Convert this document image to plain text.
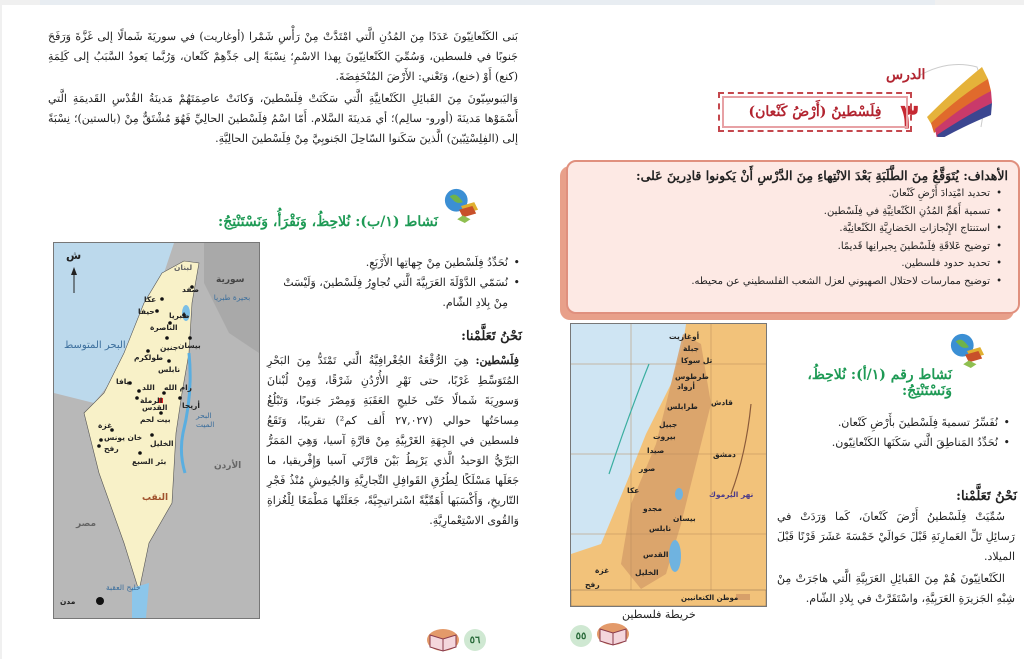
بَنى الكَنْعانِيّونَ عَدَدًا مِنَ المُدُنِ الَّتي امْتَدَّتْ مِنْ رَأْسِ شَمْرا (أوغاريت) في سوريَةَ شَمالًا إلى غَزَّةَ وَرَفَحَ جَنوبًا في فلسطين، وَسُمِّيَ الكَنْعانِيّونَ بِهذا الاسْمِ؛ نِسْبَةً إلى جَدِّهِمْ كَنْعان، وَرُبَّما يَعودُ السَّبَبُ إلى كَلِمَةِ (كنع) أَوْ (خنع)، وَتَعْني: الأَرْضَ المُنْخَفِضَةَ.
وَاليَبوسِيّونَ مِنَ القَبائِلِ الكَنْعانِيَّةِ الَّتي سَكَنَتْ فِلَسْطينَ، وَكانَتْ عاصِمَتَهُمْ مَدينَةُ القُدْسِ القَديمَةِ الَّتي أَسْمَوْها مَدينَةَ (أورو- سالِم)؛ أي مَدينَةَ السَّلام. أَمّا اسْمُ فِلَسْطينَ الحالِيِّ فَهُوَ مُشْتَقٌّ مِنْ (بالستين)؛ نِسْبَةً إلى (الفِلِسْتِيّينَ) الَّذينَ سَكَنوا السّاحِلَ الجَنوبِيَّ مِنْ فِلَسْطينَ الحالِيَّةِ.
نَشاط (١/ب): نُلاحِظُ، وَنَقْرَأُ، وَنَسْتَنْتِجُ:
• نُحَدِّدُ فِلَسْطينَ مِنْ جِهاتِها الأَرْبَعِ.
• نُسَمّي الدَّوْلَةَ العَرَبِيَّةَ الَّتي تُجاوِرُ فِلَسْطينَ، وَلَيْسَتْ مِنْ بِلادِ الشّام.
نَحْنُ تَعَلَّمْنا:
فِلَسْطين: هِيَ الرُّقْعَةُ الجُغْرافِيَّةُ الَّتي تَمْتَدُّ مِنَ البَحْرِ المُتَوَسِّطِ غَرْبًا، حتى نَهْرِ الأُرْدُنِ شَرْقًا، وَمِنْ لُبْنانَ وَسورِيَةَ شَمالًا حَتّى خَليجِ العَقَبَةِ وَمِصْرَ جَنوبًا، وَتَبْلُغُ مِساحَتُها حوالي (٢٧,٠٢٧ أَلف كم²) تقريبًا، وَتَقَعُ فلسطين في الجِهَةِ الغَرْبِيَّةِ مِنْ قارَّةِ آسيا، وَهِيَ المَمَرُّ البَرِّيُّ الوَحيدُ الَّذي يَرْبِطُ بَيْنَ قارَّتَي آسيا وَإِفْريقيا، ما جَعَلَها مَسْلَكًا لِطُرُقِ القَوافِلِ التِّجارِيَّةِ وَالجُيوشِ مُنْذُ فَجْرِ التّاريخِ، وَأَكْسَبَها أَهَمِّيَّةً اسْتراتيجِيَّةً، جَعَلَتْها مَطْمَعًا لِلْغُزاةِ وَالقُوى الاسْتِعْمارِيَّةِ.
ش
البحر المتوسط
لبنان
سورية
بحيرة طبريا
الأردن
مصر
النقب
البحر الميت
خليج العقبة
مدن
صفد
عكا
حيفا طبريا
الناصرة
بيسان
جنين
طولكرم
نابلس
يافا
اللد
الرملة
رام الله
أريحا
القدس
بيت لحم
غزة
الخليل
خان يونس
رفح
بئر السبع
٥٦
الدرس
٣
فِلَسْطينُ (أَرْضُ كَنْعان)
الأهداف: يُتَوَقَّعُ مِنَ الطَّلَبَةِ بَعْدَ الانْتِهاءِ مِنَ الدَّرْسِ أَنْ يَكونوا قادِرينَ عَلى:
• تحديد امْتِدادَ أَرْضِ كَنْعانَ.
• تسمية أَهَمِّ المُدُنِ الكَنْعانِيَّةِ في فِلَسْطين.
• استنتاج الإِنْجازاتِ الحَضارِيَّةِ الكَنْعانِيَّة.
• توضيح عَلاقَةِ فِلَسْطينَ بِجيرانِها قَديمًا.
• تحديد حدود فلسطين.
• توضيح ممارسات لاحتلال الصهيوني لعزل الشعب الفلسطيني عن محيطه.
نَشاط رقم (١/أ): نُلاحِظُ، وَنَسْتَنْتِجُ:
• نُفَسِّرُ تسميةَ فِلَسْطينَ بأَرْضِ كَنْعان.
• نُحَدِّدُ المَناطِقَ الَّتي سَكَنَها الكَنْعانِيّون.
نَحْنُ تَعَلَّمْنا:
سُمِّيَتْ فِلَسْطينُ أَرْضَ كَنْعانَ، كَما وَرَدَتْ في رَسائِلِ تَلِّ العَمارِنَةِ قَبْلَ حَوالَيْ خَمْسَةَ عَشَرَ قَرْنًا قَبْلَ الميلاد.
الكَنْعانِيّونَ هُمْ مِنَ القَبائِلِ العَرَبِيَّةِ الَّتي هاجَرَتْ مِنْ شِبْهِ الجَزيرَةِ العَرَبِيَّةِ، واسْتَقَرَّتْ في بِلادِ الشّام.
أوغاريت
جبلة
تل سوكا
طرطوس
أرواد
قادش
طرابلس
جبيل
بيروت
دمشق
صيدا
صور
عكا
مجدو
بيسان
نابلس
القدس
الخليل
غزة
رفح
نهر اليرموك
موطن الكنعانيين
خريطة فلسطين
٥٥
